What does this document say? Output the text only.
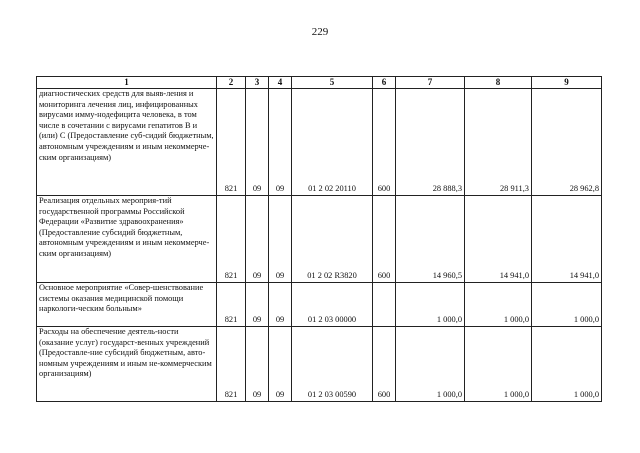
229
1	2	3	4	5	6	7	8	9
диагностических средств для выяв-ления и мониторинга лечения лиц, инфицированных вирусами имму-нодефицита человека, в том числе в сочетании с вирусами гепатитов В и (или) С (Предоставление суб-сидий бюджетным, автономным учреждениям и иным некоммерче-ским организациям)	821	09	09	01 2 02 20110	600	28 888,3	28 911,3	28 962,8
Реализация отдельных мероприя-тий государственной программы Российской Федерации «Развитие здравоохранения» (Предоставление субсидий бюджетным, автономным учреждениям и иным некоммерче-ским организациям)	821	09	09	01 2 02 R3820	600	14 960,5	14 941,0	14 941,0
Основное мероприятие «Совер-шенствование системы оказания медицинской помощи наркологи-ческим больным»	821	09	09	01 2 03 00000		1 000,0	1 000,0	1 000,0
Расходы на обеспечение деятель-ности (оказание услуг) государст-венных учреждений (Предоставле-ние субсидий бюджетным, авто-номным учреждениям и иным не-коммерческим организациям)	821	09	09	01 2 03 00590	600	1 000,0	1 000,0	1 000,0
